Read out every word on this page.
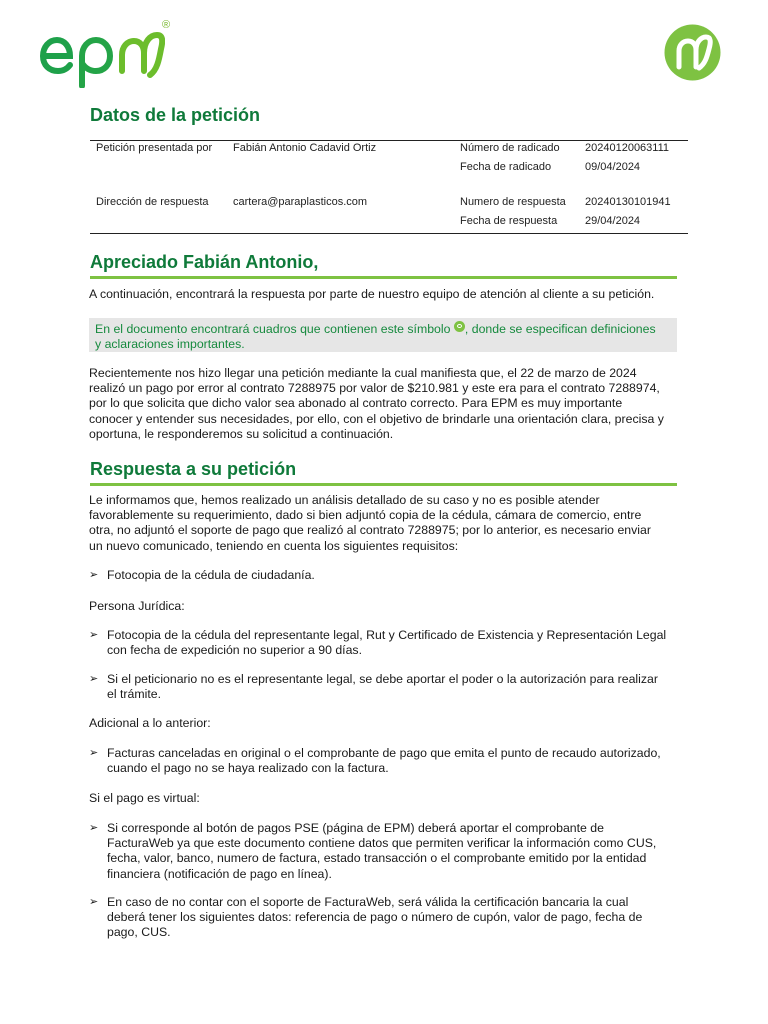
®
Datos de la petición
Petición presentada por Fabián Antonio Cadavid Ortiz
Dirección de respuesta cartera@paraplasticos.com
Número de radicado 20240120063111
Fecha de radicado	09/04/2024
Numero de respuesta 20240130101941
Fecha de respuesta	29/04/2024
Apreciado Fabián Antonio,

A continuación, encontrará la respuesta por parte de nuestro equipo de atención al cliente a su petición.

En el documento encontrará cuadros que contienen este símbolo , donde se especifican definiciones
y aclaraciones importantes.
Recientemente nos hizo llegar una petición mediante la cual manifiesta que, el 22 de marzo de 2024
realizó un pago por error al contrato 7288975 por valor de $210.981 y este era para el contrato 7288974,
por lo que solicita que dicho valor sea abonado al contrato correcto. Para EPM es muy importante
conocer y entender sus necesidades, por ello, con el objetivo de brindarle una orientación clara, precisa y
oportuna, le responderemos su solicitud a continuación.
Respuesta a su petición
Le informamos que, hemos realizado un análisis detallado de su caso y no es posible atender
favorablemente su requerimiento, dado si bien adjuntó copia de la cédula, cámara de comercio, entre
otra, no adjuntó el soporte de pago que realizó al contrato 7288975; por lo anterior, es necesario enviar
un nuevo comunicado, teniendo en cuenta los siguientes requisitos:
➢ Fotocopia de la cédula de ciudadanía.

Persona Jurídica:

➢ Fotocopia de la cédula del representante legal, Rut y Certificado de Existencia y Representación Legal
con fecha de expedición no superior a 90 días.
➢ Si el peticionario no es el representante legal, se debe aportar el poder o la autorización para realizar
el trámite.

Adicional a lo anterior:

➢ Facturas canceladas en original o el comprobante de pago que emita el punto de recaudo autorizado,
cuando el pago no se haya realizado con la factura.

Si el pago es virtual:

➢ Si corresponde al botón de pagos PSE (página de EPM) deberá aportar el comprobante de
FacturaWeb ya que este documento contiene datos que permiten verificar la información como CUS,
fecha, valor, banco, numero de factura, estado transacción o el comprobante emitido por la entidad
financiera (notificación de pago en línea).
➢ En caso de no contar con el soporte de FacturaWeb, será válida la certificación bancaria la cual
deberá tener los siguientes datos: referencia de pago o número de cupón, valor de pago, fecha de
pago, CUS.
